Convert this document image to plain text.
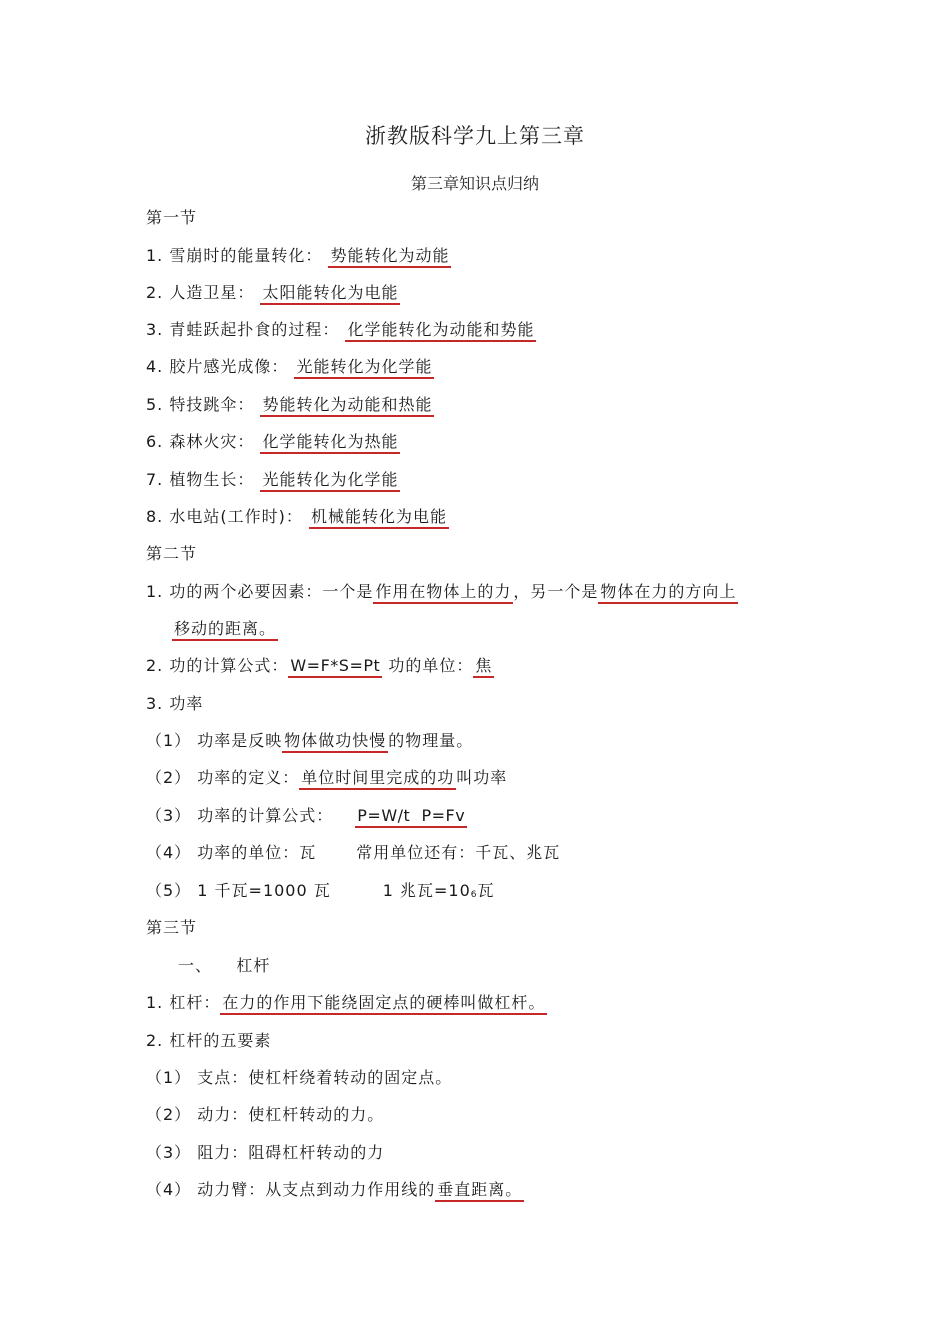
浙教版科学九上第三章
第三章知识点归纳
第一节
1. 雪崩时的能量转化： 势能转化为动能
2. 人造卫星： 太阳能转化为电能
3. 青蛙跃起扑食的过程： 化学能转化为动能和势能
4. 胶片感光成像： 光能转化为化学能
5. 特技跳伞： 势能转化为动能和热能
6. 森林火灾： 化学能转化为热能
7. 植物生长： 光能转化为化学能
8. 水电站(工作时)： 机械能转化为电能
第二节
1. 功的两个必要因素：一个是 作用在物体上的力 ，另一个是 物体在力的方向上
移动的距离。
2. 功的计算公式： W=F*S=Pt 功的单位： 焦
3. 功率
（1） 功率是反映 物体做功快慢 的物理量。
（2） 功率的定义： 单位时间里完成的功 叫功率
（3） 功率的计算公式： P=W/t  P=Fv
（4） 功率的单位：瓦	常用单位还有：千瓦、兆瓦
（5） 1 千瓦=1000 瓦	1 兆瓦$=10_6$瓦
第三节
一、    杠杆
1. 杠杆： 在力的作用下能绕固定点的硬棒叫做杠杆。
2. 杠杆的五要素
（1） 支点：使杠杆绕着转动的固定点。
（2） 动力：使杠杆转动的力。
（3） 阻力：阻碍杠杆转动的力
（4） 动力臂：从支点到动力作用线的 垂直距离。
